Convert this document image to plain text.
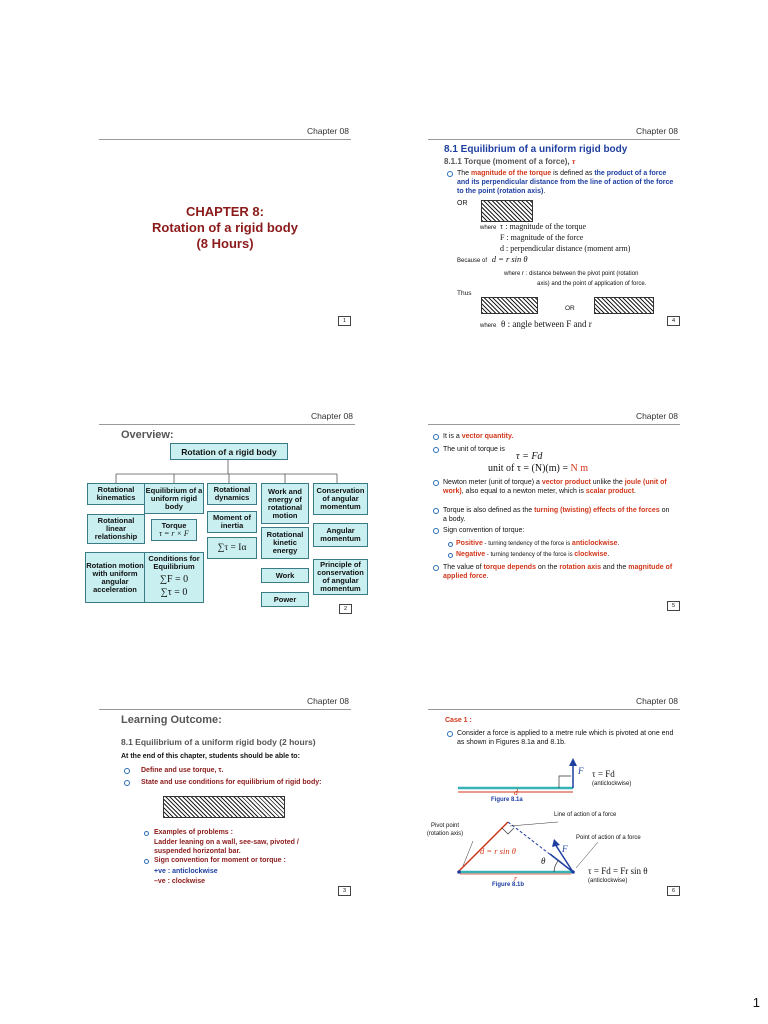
Chapter 08
CHAPTER 8:
Rotation of a rigid body
(8 Hours)
1
Chapter 08
8.1 Equilibrium of a uniform rigid body
8.1.1 Torque (moment of a force), τ
The magnitude of the torque is defined as the product of a force and its perpendicular distance from the line of action of the force to the point (rotation axis).
OR
where τ : magnitude of the torque
F : magnitude of the force
d : perpendicular distance (moment arm)
Because of d = r sin θ
where r : distance between the pivot point (rotation
axis) and the point of application of force.
Thus
OR
where θ : angle between F and r	4
Chapter 08
Overview:
Rotation of a rigid body
Rotational kinematics
Rotational linear relationship
Rotation motion with uniform angular acceleration
Equilibrium of a uniform rigid body
Torque
τ = r × F
Conditions for Equilibrium
∑F = 0
∑τ = 0
Rotational dynamics
Moment of inertia
∑τ = Iα
Work and energy of rotational motion
Rotational kinetic energy
Work
Power
Conservation of angular momentum
Angular momentum
Principle of conservation of angular momentum
2
Chapter 08
It is a vector quantity.
The unit of torque is
τ = Fd
unit of τ = (N)(m) = N m
Newton meter (unit of torque) a vector product unlike the joule (unit of work), also equal to a newton meter, which is scalar product.
Torque is also defined as the turning (twisting) effects of the forces on a body.
Sign convention of torque:
Positive - turning tendency of the force is anticlockwise.
Negative - turning tendency of the force is clockwise.
The value of torque depends on the rotation axis and the magnitude of applied force.
5
Chapter 08
Learning Outcome:
8.1 Equilibrium of a uniform rigid body (2 hours)
At the end of this chapter, students should be able to:
Define and use torque, τ.
State and use conditions for equilibrium of rigid body:
Examples of problems :
Ladder leaning on a wall, see-saw, pivoted /
suspended horizontal bar.
Sign convention for moment or torque :
+ve : anticlockwise
–ve : clockwise
3
Chapter 08
Case 1 :
Consider a force is applied to a metre rule which is pivoted at one end as shown in Figures 8.1a and 8.1b.
F τ = Fd
(anticlockwise)
d
Figure 8.1a
Line of action of a force
Pivot point
(rotation axis)
Point of action of a force
d = r sin θ	F
θ
τ = Fd = Fr sin θ
(anticlockwise)
r
Figure 8.1b
6
1
